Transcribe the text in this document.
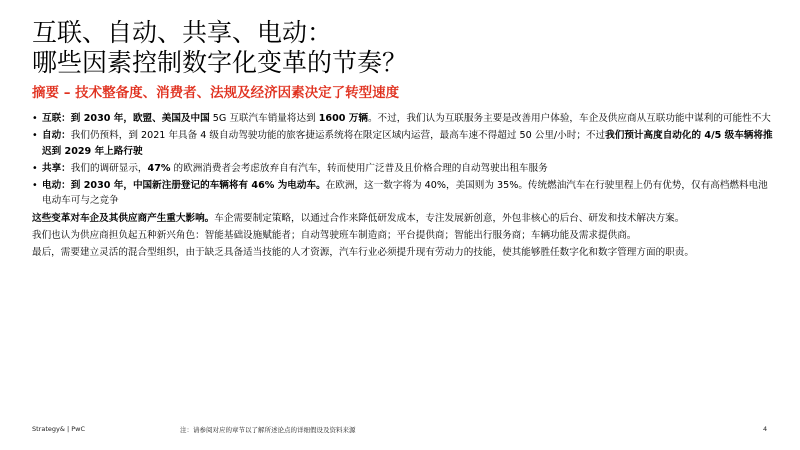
互联、自动、共享、电动：
哪些因素控制数字化变革的节奏？
摘要 – 技术整备度、消费者、法规及经济因素决定了转型速度
• 互联：到 2030 年，欧盟、美国及中国 5G 互联汽车销量将达到 1600 万辆。不过，我们认为互联服务主要是改善用户体验，车企及供应商从互联功能中谋利的可能性不大
• 自动：我们仍预料，到 2021 年具备 4 级自动驾驶功能的旅客捷运系统将在限定区域内运营，最高车速不得超过 50 公里/小时；不过我们预计高度自动化的 4/5 级车辆将推迟到 2029 年上路行驶
• 共享：我们的调研显示，47% 的欧洲消费者会考虑放弃自有汽车，转而使用广泛普及且价格合理的自动驾驶出租车服务
• 电动：到 2030 年，中国新注册登记的车辆将有 46% 为电动车。在欧洲，这一数字将为 40%，美国则为 35%。传统燃油汽车在行驶里程上仍有优势，仅有高档燃料电池电动车可与之竞争

这些变革对车企及其供应商产生重大影响。车企需要制定策略，以通过合作来降低研发成本，专注发展新创意，外包非核心的后台、研发和技术解决方案。

我们也认为供应商担负起五种新兴角色：智能基础设施赋能者；自动驾驶班车制造商；平台提供商；智能出行服务商；车辆功能及需求提供商。

最后，需要建立灵活的混合型组织，由于缺乏具备适当技能的人才资源，汽车行业必须提升现有劳动力的技能，使其能够胜任数字化和数字管理方面的职责。

Strategy& | PwC	注：请参阅对应的章节以了解所述论点的详细假设及资料来源	4
